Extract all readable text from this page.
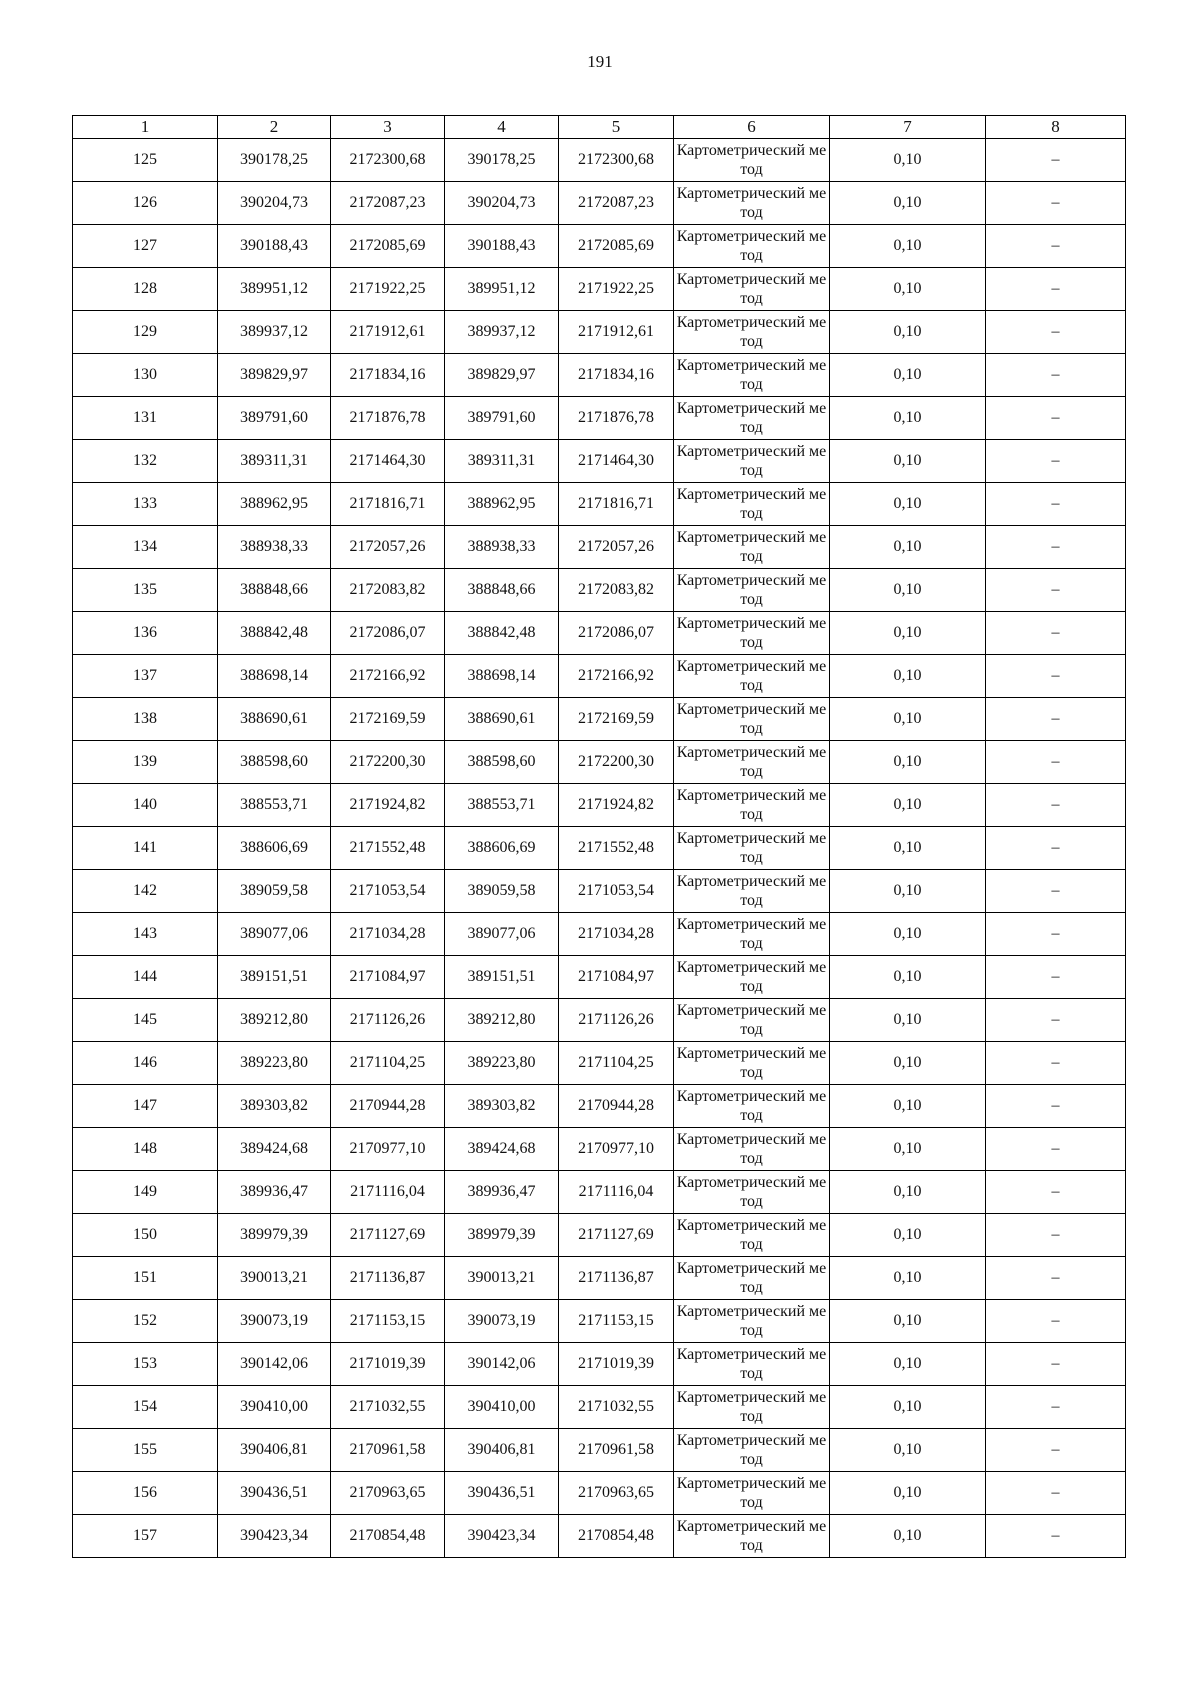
191
1	2	3	4	5	6	7	8
125	390178,25	2172300,68	390178,25	2172300,68	Картометрический метод	0,10	–
126	390204,73	2172087,23	390204,73	2172087,23	Картометрический метод	0,10	–
127	390188,43	2172085,69	390188,43	2172085,69	Картометрический метод	0,10	–
128	389951,12	2171922,25	389951,12	2171922,25	Картометрический метод	0,10	–
129	389937,12	2171912,61	389937,12	2171912,61	Картометрический метод	0,10	–
130	389829,97	2171834,16	389829,97	2171834,16	Картометрический метод	0,10	–
131	389791,60	2171876,78	389791,60	2171876,78	Картометрический метод	0,10	–
132	389311,31	2171464,30	389311,31	2171464,30	Картометрический метод	0,10	–
133	388962,95	2171816,71	388962,95	2171816,71	Картометрический метод	0,10	–
134	388938,33	2172057,26	388938,33	2172057,26	Картометрический метод	0,10	–
135	388848,66	2172083,82	388848,66	2172083,82	Картометрический метод	0,10	–
136	388842,48	2172086,07	388842,48	2172086,07	Картометрический метод	0,10	–
137	388698,14	2172166,92	388698,14	2172166,92	Картометрический метод	0,10	–
138	388690,61	2172169,59	388690,61	2172169,59	Картометрический метод	0,10	–
139	388598,60	2172200,30	388598,60	2172200,30	Картометрический метод	0,10	–
140	388553,71	2171924,82	388553,71	2171924,82	Картометрический метод	0,10	–
141	388606,69	2171552,48	388606,69	2171552,48	Картометрический метод	0,10	–
142	389059,58	2171053,54	389059,58	2171053,54	Картометрический метод	0,10	–
143	389077,06	2171034,28	389077,06	2171034,28	Картометрический метод	0,10	–
144	389151,51	2171084,97	389151,51	2171084,97	Картометрический метод	0,10	–
145	389212,80	2171126,26	389212,80	2171126,26	Картометрический метод	0,10	–
146	389223,80	2171104,25	389223,80	2171104,25	Картометрический метод	0,10	–
147	389303,82	2170944,28	389303,82	2170944,28	Картометрический метод	0,10	–
148	389424,68	2170977,10	389424,68	2170977,10	Картометрический метод	0,10	–
149	389936,47	2171116,04	389936,47	2171116,04	Картометрический метод	0,10	–
150	389979,39	2171127,69	389979,39	2171127,69	Картометрический метод	0,10	–
151	390013,21	2171136,87	390013,21	2171136,87	Картометрический метод	0,10	–
152	390073,19	2171153,15	390073,19	2171153,15	Картометрический метод	0,10	–
153	390142,06	2171019,39	390142,06	2171019,39	Картометрический метод	0,10	–
154	390410,00	2171032,55	390410,00	2171032,55	Картометрический метод	0,10	–
155	390406,81	2170961,58	390406,81	2170961,58	Картометрический метод	0,10	–
156	390436,51	2170963,65	390436,51	2170963,65	Картометрический метод	0,10	–
157	390423,34	2170854,48	390423,34	2170854,48	Картометрический метод	0,10	–
